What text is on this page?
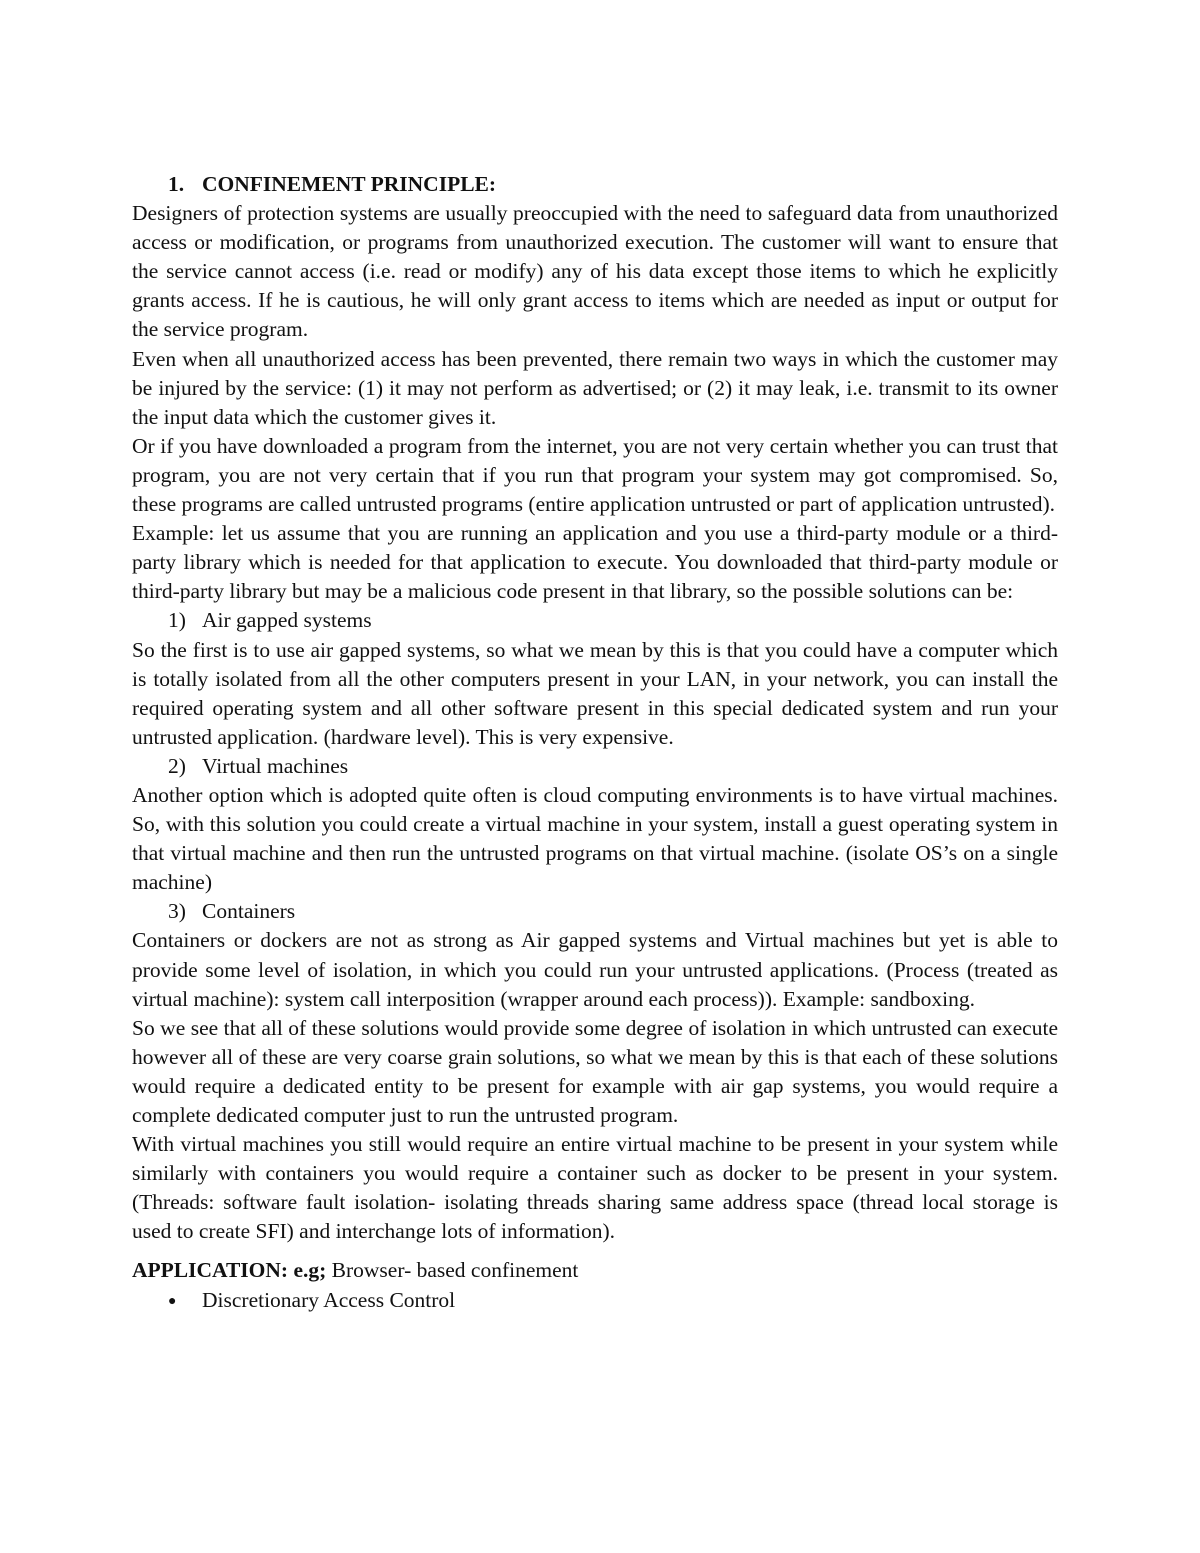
1. CONFINEMENT PRINCIPLE:

Designers of protection systems are usually preoccupied with the need to safeguard data from unauthorized access or modification, or programs from unauthorized execution. The customer will want to ensure that the service cannot access (i.e. read or modify) any of his data except those items to which he explicitly grants access. If he is cautious, he will only grant access to items which are needed as input or output for the service program.

Even when all unauthorized access has been prevented, there remain two ways in which the customer may be injured by the service: (1) it may not perform as advertised; or (2) it may leak, i.e. transmit to its owner the input data which the customer gives it.

Or if you have downloaded a program from the internet, you are not very certain whether you can trust that program, you are not very certain that if you run that program your system may got compromised. So, these programs are called untrusted programs (entire application untrusted or part of application untrusted).

Example: let us assume that you are running an application and you use a third-party module or a third-party library which is needed for that application to execute. You downloaded that third-party module or third-party library but may be a malicious code present in that library, so the possible solutions can be:

1) Air gapped systems

So the first is to use air gapped systems, so what we mean by this is that you could have a computer which is totally isolated from all the other computers present in your LAN, in your network, you can install the required operating system and all other software present in this special dedicated system and run your untrusted application. (hardware level). This is very expensive.

2) Virtual machines

Another option which is adopted quite often is cloud computing environments is to have virtual machines. So, with this solution you could create a virtual machine in your system, install a guest operating system in that virtual machine and then run the untrusted programs on that virtual machine. (isolate OS’s on a single machine)

3) Containers

Containers or dockers are not as strong as Air gapped systems and Virtual machines but yet is able to provide some level of isolation, in which you could run your untrusted applications. (Process (treated as virtual machine): system call interposition (wrapper around each process)). Example: sandboxing.

So we see that all of these solutions would provide some degree of isolation in which untrusted can execute however all of these are very coarse grain solutions, so what we mean by this is that each of these solutions would require a dedicated entity to be present for example with air gap systems, you would require a complete dedicated computer just to run the untrusted program.

With virtual machines you still would require an entire virtual machine to be present in your system while similarly with containers you would require a container such as docker to be present in your system. (Threads: software fault isolation- isolating threads sharing same address space (thread local storage is used to create SFI) and interchange lots of information).

APPLICATION: e.g; Browser- based confinement

● Discretionary Access Control
